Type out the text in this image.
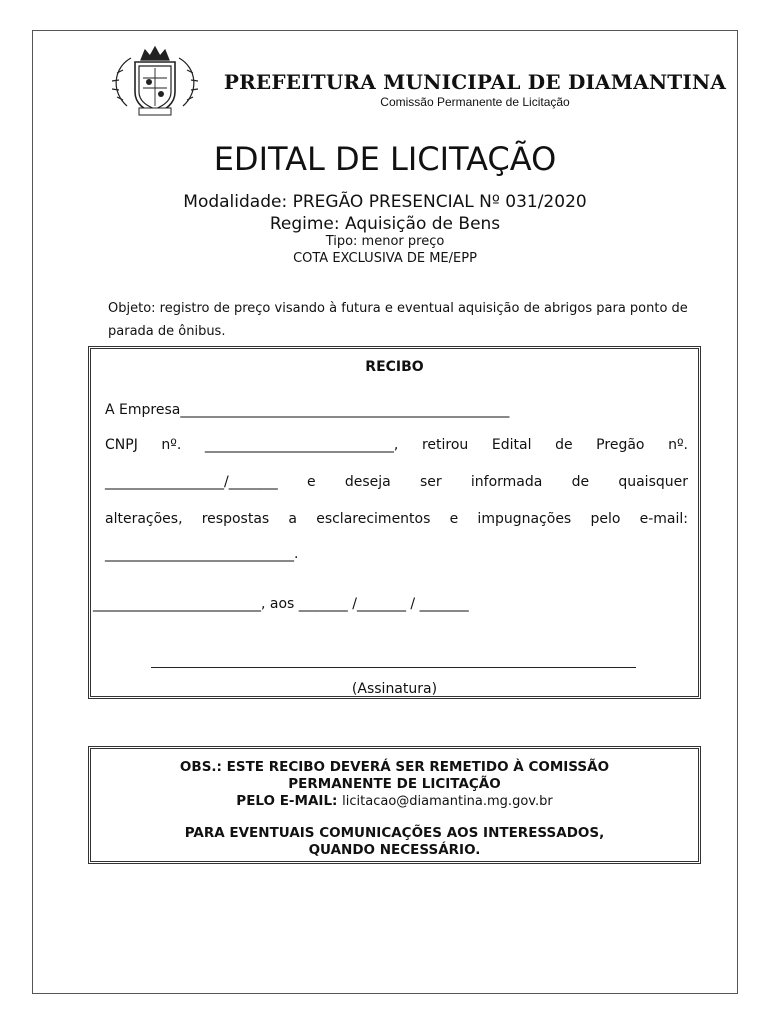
PREFEITURA MUNICIPAL DE DIAMANTINA
Comissão Permanente de Licitação
EDITAL DE LICITAÇÃO
Modalidade: PREGÃO PRESENCIAL Nº 031/2020
Regime: Aquisição de Bens
Tipo: menor preço
COTA EXCLUSIVA DE ME/EPP
Objeto: registro de preço visando à futura e eventual aquisição de abrigos para ponto de parada de ônibus.
RECIBO
A Empresa_______________________________________________
CNPJ nº. ___________________________, retirou Edital de Pregão nº.
_________________/_______ e deseja ser informada de quaisquer
alterações, respostas a esclarecimentos e impugnações pelo e-mail:
___________________________.
________________________, aos _______ /_______ / _______
(Assinatura)
OBS.: ESTE RECIBO DEVERÁ SER REMETIDO À COMISSÃO
PERMANENTE DE LICITAÇÃO
PELO E-MAIL: licitacao@diamantina.mg.gov.br
PARA EVENTUAIS COMUNICAÇÕES AOS INTERESSADOS,
QUANDO NECESSÁRIO.
